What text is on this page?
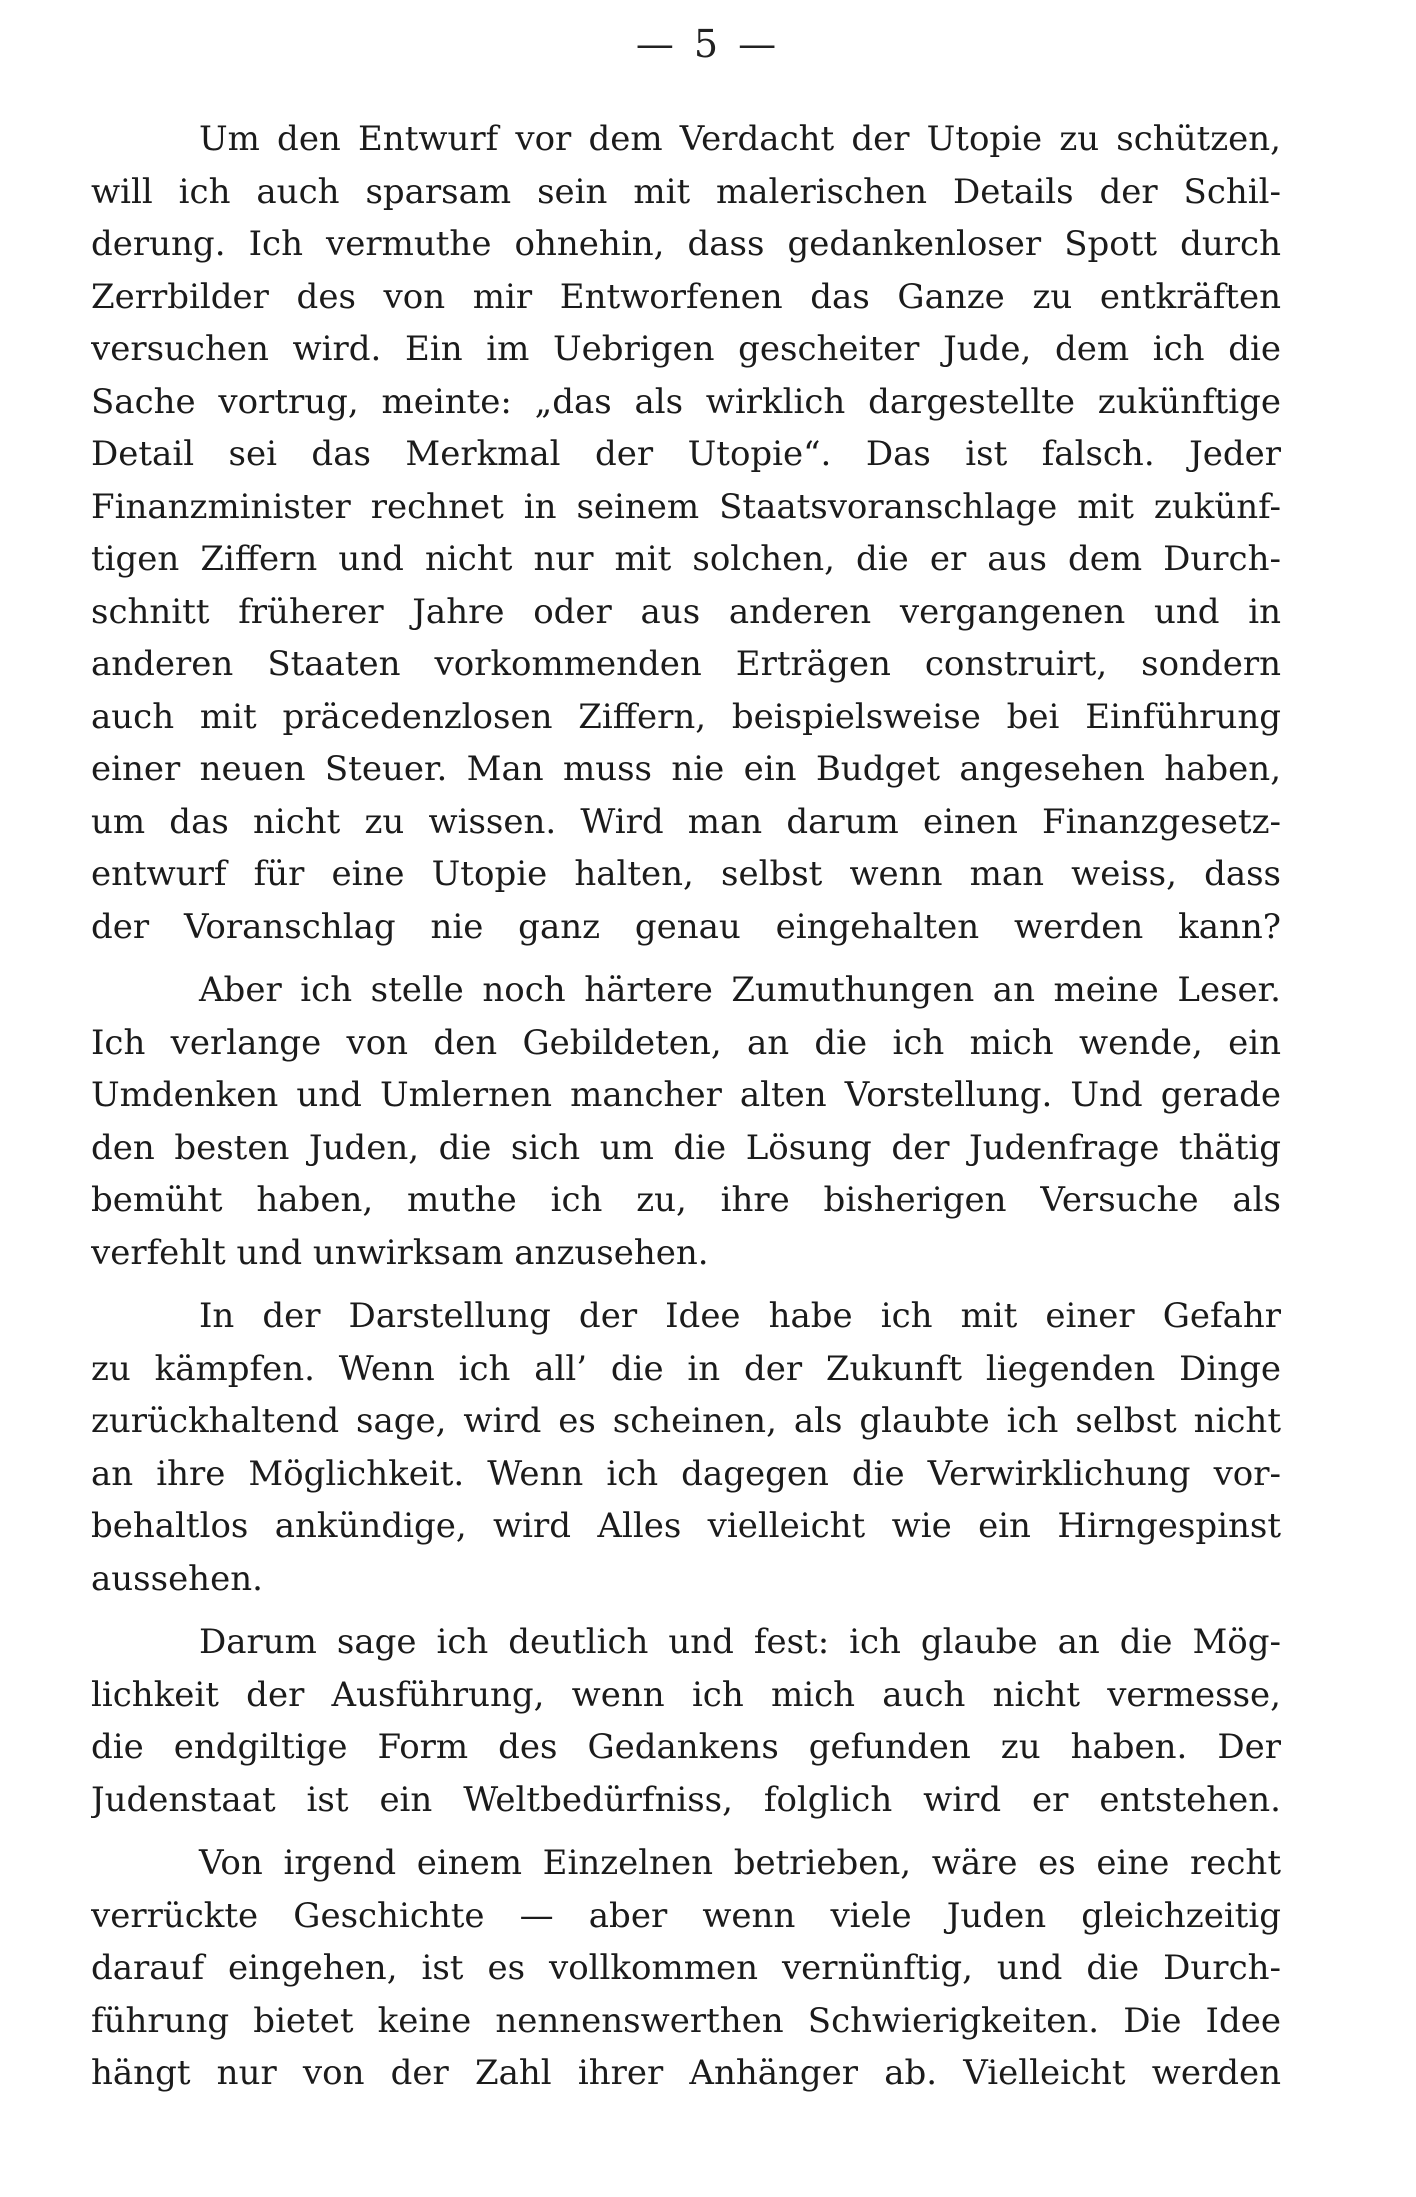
— 5 —

Um den Entwurf vor dem Verdacht der Utopie zu schützen,
will ich auch sparsam sein mit malerischen Details der Schil-
derung. Ich vermuthe ohnehin, dass gedankenloser Spott durch
Zerrbilder des von mir Entworfenen das Ganze zu entkräften
versuchen wird. Ein im Uebrigen gescheiter Jude, dem ich die
Sache vortrug, meinte: „das als wirklich dargestellte zukünftige
Detail sei das Merkmal der Utopie“. Das ist falsch. Jeder
Finanzminister rechnet in seinem Staatsvoranschlage mit zukünf-
tigen Ziffern und nicht nur mit solchen, die er aus dem Durch-
schnitt früherer Jahre oder aus anderen vergangenen und in
anderen Staaten vorkommenden Erträgen construirt, sondern
auch mit präcedenzlosen Ziffern, beispielsweise bei Einführung
einer neuen Steuer. Man muss nie ein Budget angesehen haben,
um das nicht zu wissen. Wird man darum einen Finanzgesetz-
entwurf für eine Utopie halten, selbst wenn man weiss, dass
der Voranschlag nie ganz genau eingehalten werden kann?

Aber ich stelle noch härtere Zumuthungen an meine Leser.
Ich verlange von den Gebildeten, an die ich mich wende, ein
Umdenken und Umlernen mancher alten Vorstellung. Und gerade
den besten Juden, die sich um die Lösung der Judenfrage thätig
bemüht haben, muthe ich zu, ihre bisherigen Versuche als
verfehlt und unwirksam anzusehen.

In der Darstellung der Idee habe ich mit einer Gefahr
zu kämpfen. Wenn ich all’ die in der Zukunft liegenden Dinge
zurückhaltend sage, wird es scheinen, als glaubte ich selbst nicht
an ihre Möglichkeit. Wenn ich dagegen die Verwirklichung vor-
behaltlos ankündige, wird Alles vielleicht wie ein Hirngespinst
aussehen.

Darum sage ich deutlich und fest: ich glaube an die Mög-
lichkeit der Ausführung, wenn ich mich auch nicht vermesse,
die endgiltige Form des Gedankens gefunden zu haben. Der
Judenstaat ist ein Weltbedürfniss, folglich wird er entstehen.

Von irgend einem Einzelnen betrieben, wäre es eine recht
verrückte Geschichte — aber wenn viele Juden gleichzeitig
darauf eingehen, ist es vollkommen vernünftig, und die Durch-
führung bietet keine nennenswerthen Schwierigkeiten. Die Idee
hängt nur von der Zahl ihrer Anhänger ab. Vielleicht werden
